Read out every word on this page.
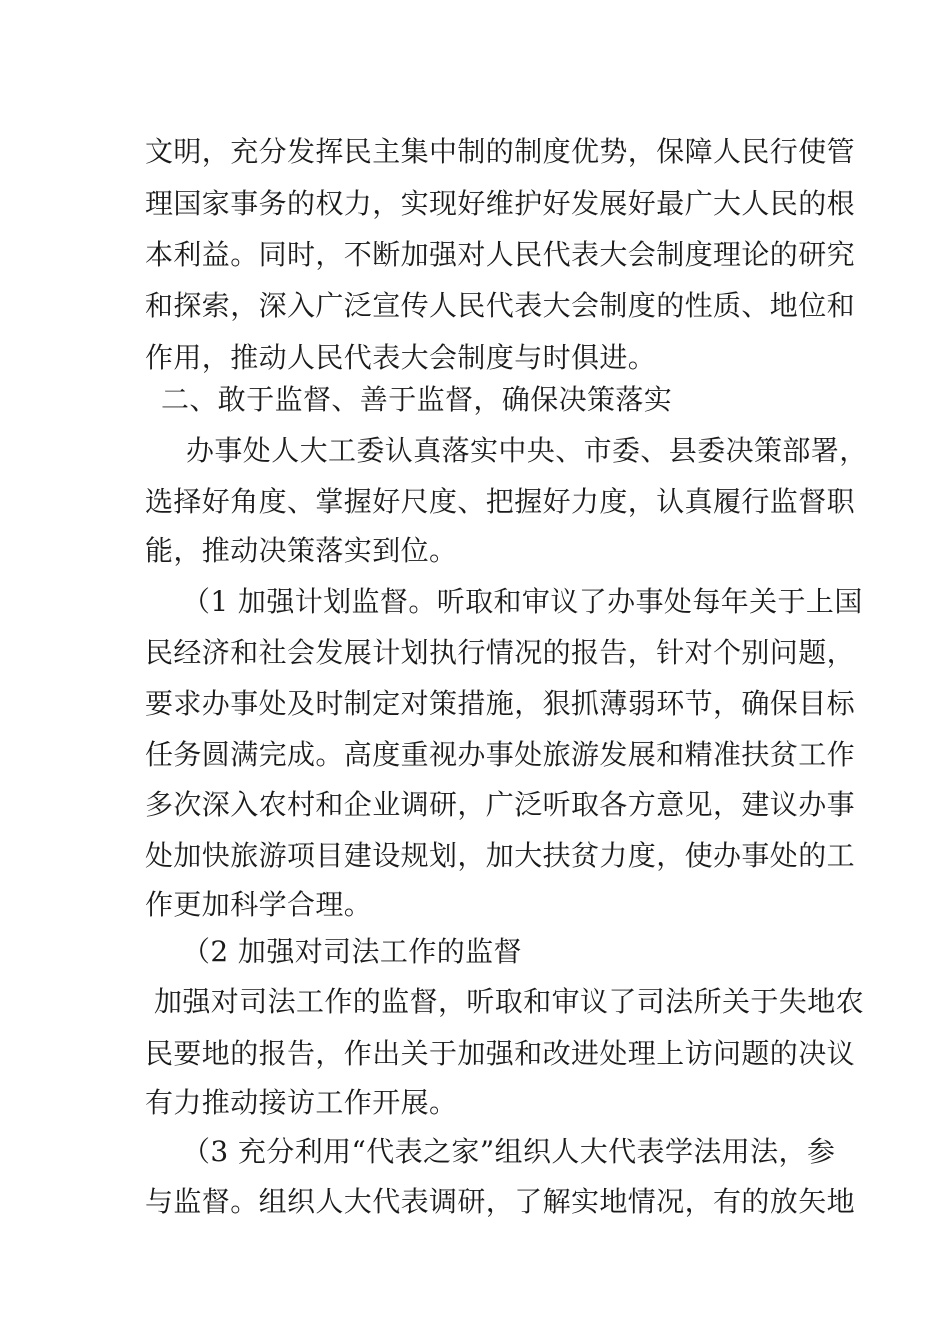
文明，充分发挥民主集中制的制度优势，保障人民行使管
理国家事务的权力，实现好维护好发展好最广大人民的根
本利益。同时，不断加强对人民代表大会制度理论的研究
和探索，深入广泛宣传人民代表大会制度的性质、地位和
作用，推动人民代表大会制度与时俱进。
二、敢于监督、善于监督，确保决策落实
办事处人大工委认真落实中央、市委、县委决策部署，
选择好角度、掌握好尺度、把握好力度，认真履行监督职
能，推动决策落实到位。
（1 加强计划监督。听取和审议了办事处每年关于上国
民经济和社会发展计划执行情况的报告，针对个别问题，
要求办事处及时制定对策措施，狠抓薄弱环节，确保目标
任务圆满完成。高度重视办事处旅游发展和精准扶贫工作
多次深入农村和企业调研，广泛听取各方意见，建议办事
处加快旅游项目建设规划，加大扶贫力度，使办事处的工
作更加科学合理。
（2 加强对司法工作的监督
加强对司法工作的监督，听取和审议了司法所关于失地农
民要地的报告，作出关于加强和改进处理上访问题的决议
有力推动接访工作开展。
（3 充分利用“代表之家”组织人大代表学法用法，参
与监督。组织人大代表调研，了解实地情况，有的放矢地
